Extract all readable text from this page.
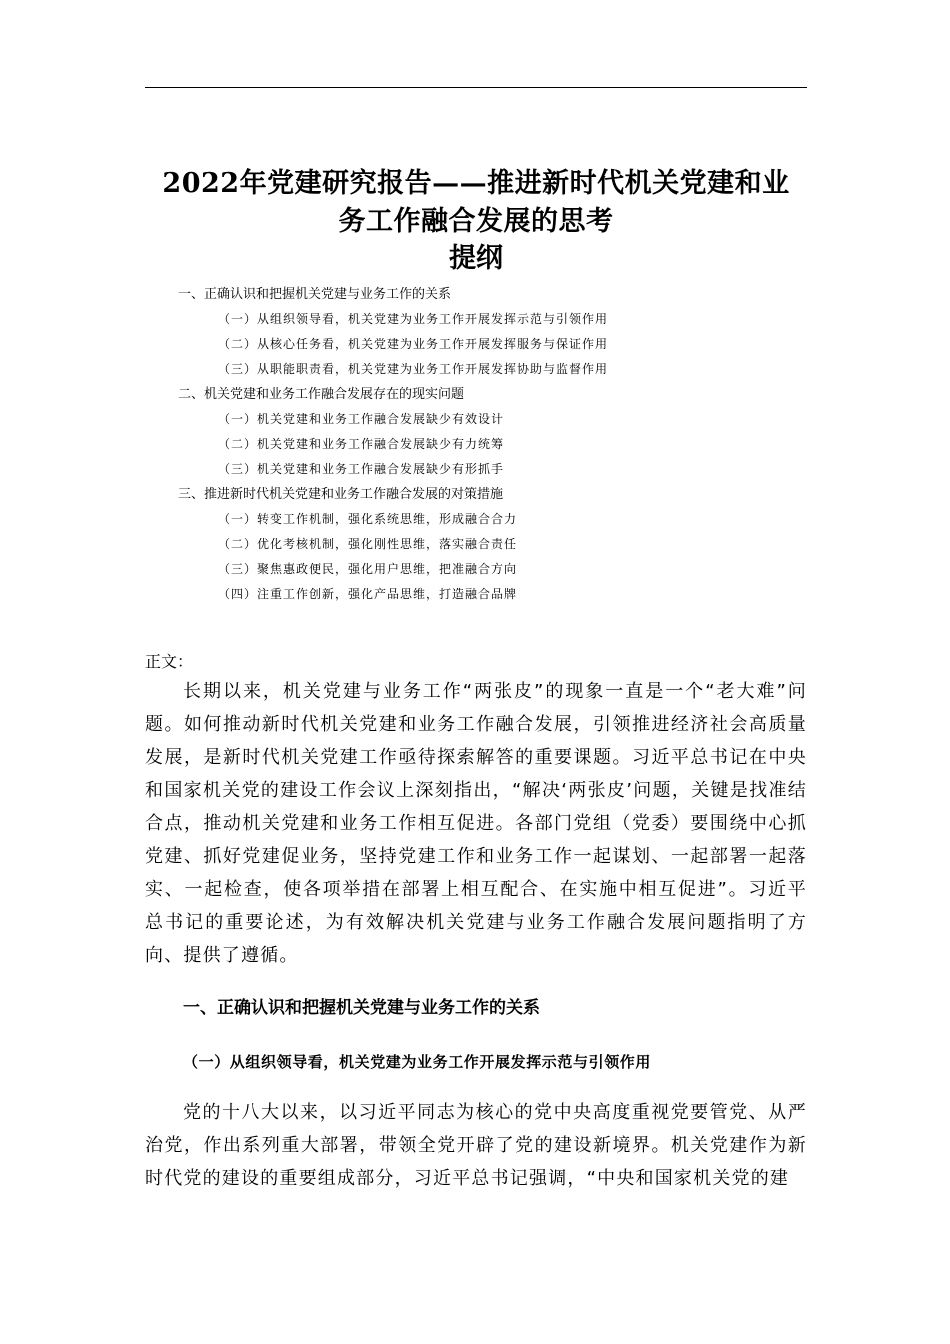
2022年党建研究报告——推进新时代机关党建和业
务工作融合发展的思考
提纲
一、正确认识和把握机关党建与业务工作的关系
（一）从组织领导看，机关党建为业务工作开展发挥示范与引领作用
（二）从核心任务看，机关党建为业务工作开展发挥服务与保证作用
（三）从职能职责看，机关党建为业务工作开展发挥协助与监督作用
二、机关党建和业务工作融合发展存在的现实问题
（一）机关党建和业务工作融合发展缺少有效设计
（二）机关党建和业务工作融合发展缺少有力统筹
（三）机关党建和业务工作融合发展缺少有形抓手
三、推进新时代机关党建和业务工作融合发展的对策措施
（一）转变工作机制，强化系统思维，形成融合合力
（二）优化考核机制，强化刚性思维，落实融合责任
（三）聚焦惠政便民，强化用户思维，把准融合方向
（四）注重工作创新，强化产品思维，打造融合品牌
正文：

长期以来，机关党建与业务工作“两张皮”的现象一直是一个“老大难”问题。如何推动新时代机关党建和业务工作融合发展，引领推进经济社会高质量发展，是新时代机关党建工作亟待探索解答的重要课题。习近平总书记在中央和国家机关党的建设工作会议上深刻指出，“解决‘两张皮’问题，关键是找准结合点，推动机关党建和业务工作相互促进。各部门党组（党委）要围绕中心抓党建、抓好党建促业务，坚持党建工作和业务工作一起谋划、一起部署一起落实、一起检查，使各项举措在部署上相互配合、在实施中相互促进”。习近平总书记的重要论述，为有效解决机关党建与业务工作融合发展问题指明了方向、提供了遵循。

一、正确认识和把握机关党建与业务工作的关系
（一）从组织领导看，机关党建为业务工作开展发挥示范与引领作用

党的十八大以来，以习近平同志为核心的党中央高度重视党要管党、从严治党，作出系列重大部署，带领全党开辟了党的建设新境界。机关党建作为新时代党的建设的重要组成部分，习近平总书记强调，“中央和国家机关党的建
